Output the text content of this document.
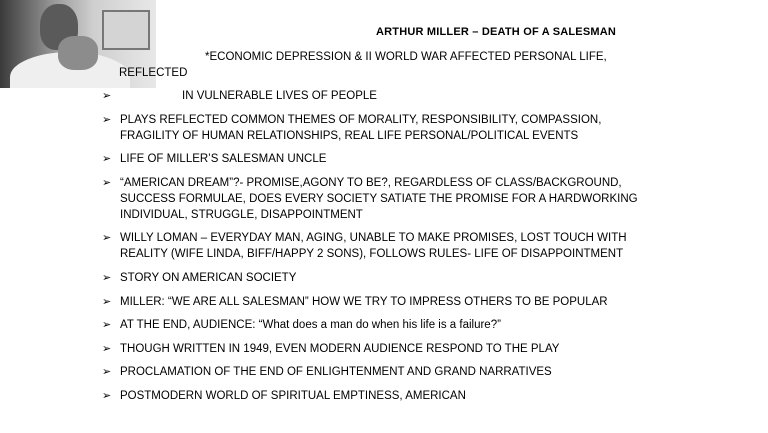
ARTHUR MILLER – DEATH OF A SALESMAN
*ECONOMIC DEPRESSION & II WORLD WAR AFFECTED PERSONAL LIFE, REFLECTED
➢	IN VULNERABLE LIVES OF PEOPLE
➢ PLAYS REFLECTED COMMON THEMES OF MORALITY, RESPONSIBILITY, COMPASSION, FRAGILITY OF HUMAN RELATIONSHIPS, REAL LIFE PERSONAL/POLITICAL EVENTS
➢ LIFE OF MILLER’S SALESMAN UNCLE
➢ “AMERICAN DREAM”?- PROMISE,AGONY TO BE?, REGARDLESS OF CLASS/BACKGROUND, SUCCESS FORMULAE, DOES EVERY SOCIETY SATIATE THE PROMISE FOR A HARDWORKING INDIVIDUAL, STRUGGLE, DISAPPOINTMENT
➢ WILLY LOMAN – EVERYDAY MAN, AGING, UNABLE TO MAKE PROMISES, LOST TOUCH WITH REALITY (WIFE LINDA, BIFF/HAPPY 2 SONS), FOLLOWS RULES- LIFE OF DISAPPOINTMENT
➢ STORY ON AMERICAN SOCIETY
➢ MILLER: “WE ARE ALL SALESMAN” HOW WE TRY TO IMPRESS OTHERS TO BE POPULAR
➢ AT THE END, AUDIENCE: “What does a man do when his life is a failure?”
➢ THOUGH WRITTEN IN 1949, EVEN MODERN AUDIENCE RESPOND TO THE PLAY
➢ PROCLAMATION OF THE END OF ENLIGHTENMENT AND GRAND NARRATIVES
➢ POSTMODERN WORLD OF SPIRITUAL EMPTINESS, AMERICAN
